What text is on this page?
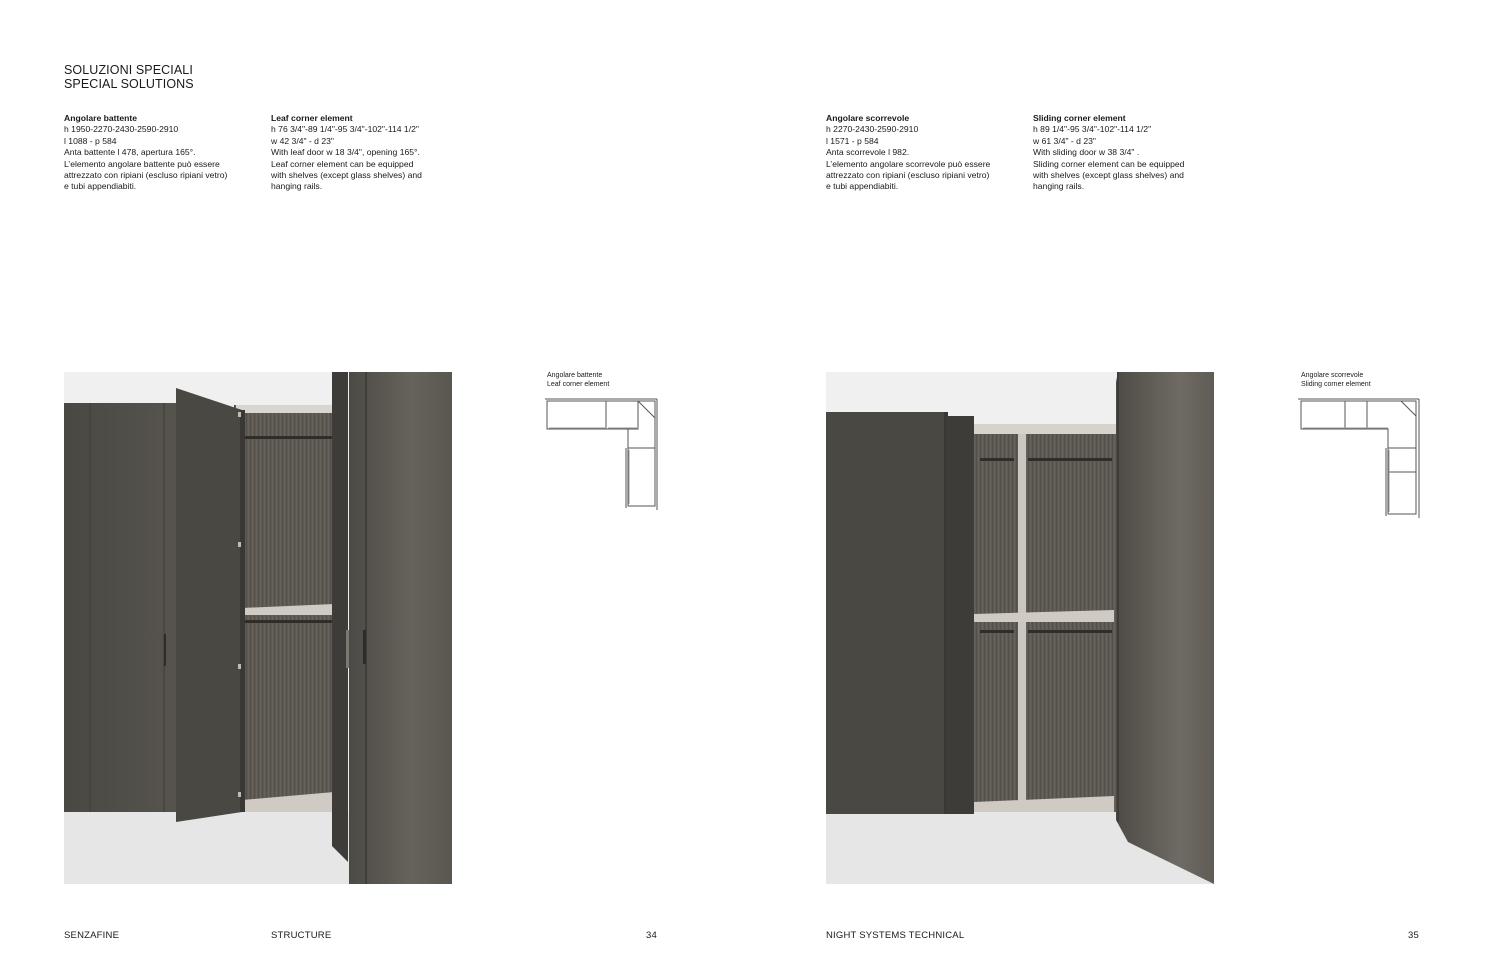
SOLUZIONI SPECIALI
SPECIAL SOLUTIONS
Angolare battente
h 1950-2270-2430-2590-2910
l 1088 - p 584
Anta battente l 478, apertura 165°.
L’elemento angolare battente può essere
attrezzato con ripiani (escluso ripiani vetro)
e tubi appendiabiti.
Leaf corner element
h 76 3/4"-89 1/4"-95 3/4"-102"-114 1/2"
w 42 3/4" - d 23"
With leaf door w 18 3/4", opening 165°.
Leaf corner element can be equipped
with shelves (except glass shelves) and
hanging rails.
Angolare scorrevole
h 2270-2430-2590-2910
l 1571 - p 584
Anta scorrevole l 982.
L’elemento angolare scorrevole può essere
attrezzato con ripiani (escluso ripiani vetro)
e tubi appendiabiti.
Sliding corner element
h 89 1/4"-95 3/4"-102"-114 1/2"
w 61 3/4" - d 23"
With sliding door w 38 3/4" .
Sliding corner element can be equipped
with shelves (except glass shelves) and
hanging rails.
Angolare battente
Leaf corner element
Angolare scorrevole
Sliding corner element
SENZAFINE	STRUCTURE	34	NIGHT SYSTEMS TECHNICAL	35
